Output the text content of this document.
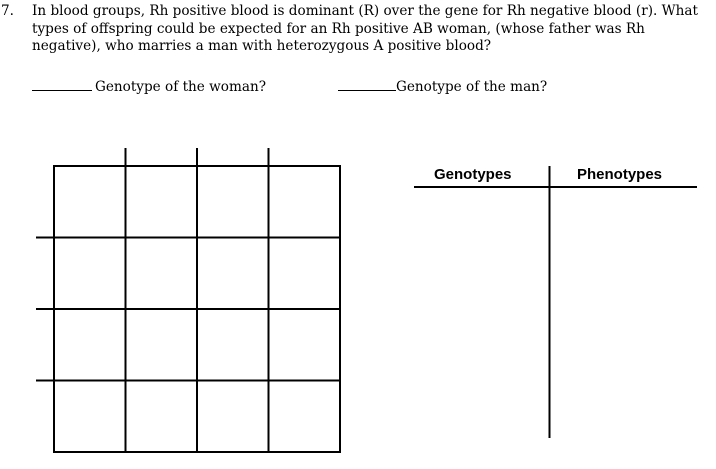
7. In blood groups, Rh positive blood is dominant (R) over the gene for Rh negative blood (r). What types of offspring could be expected for an Rh positive AB woman, (whose father was Rh negative), who marries a man with heterozygous A positive blood?
Genotype of the woman?	Genotype of the man?
Genotypes	Phenotypes
